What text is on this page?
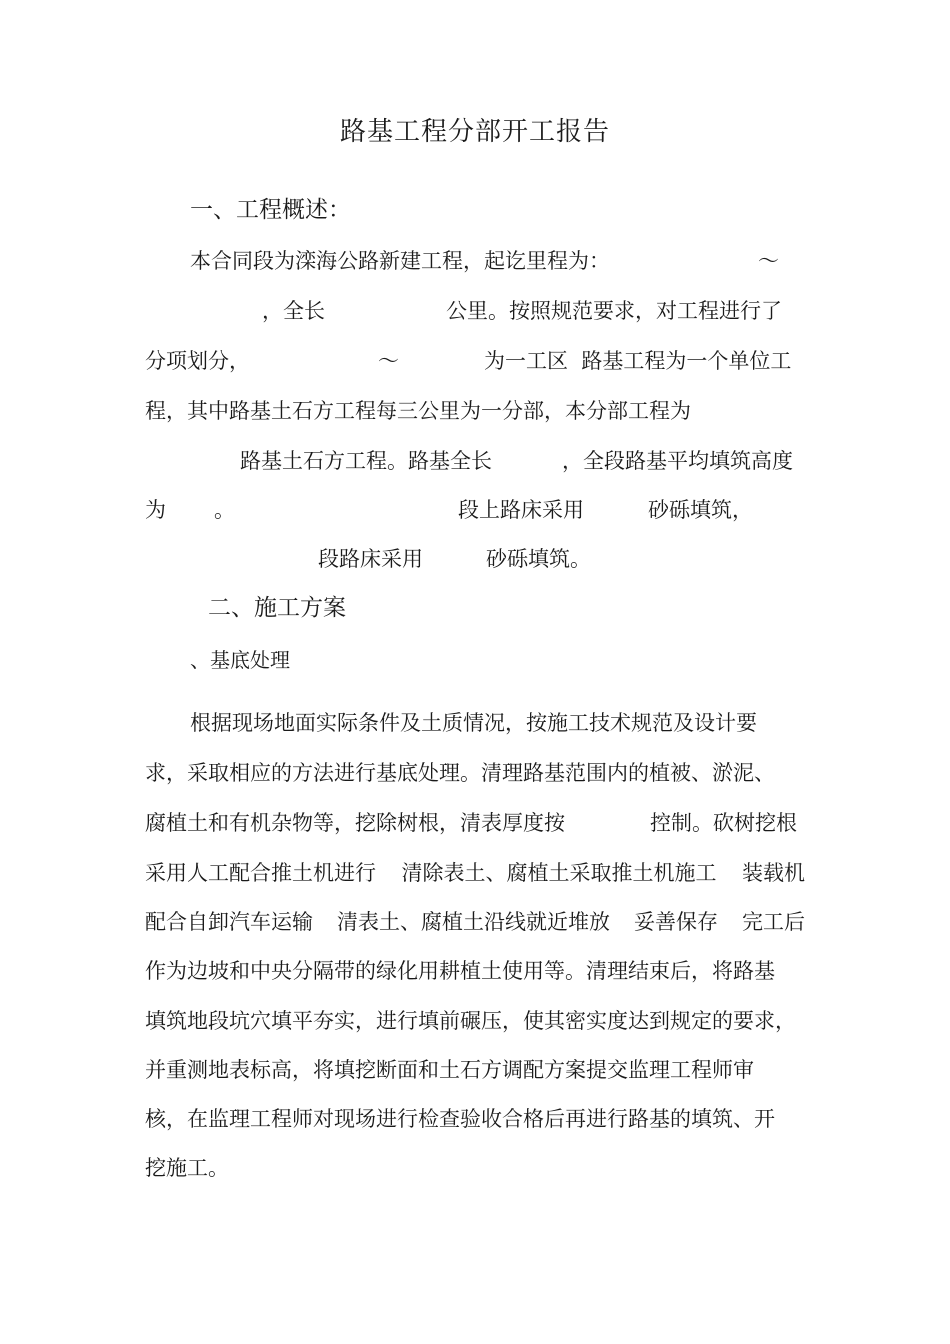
路基工程分部开工报告
一、工程概述：
本合同段为滦海公路新建工程，起讫里程为：	～
，全长	公里。按照规范要求，对工程进行了
分项划分，	～	为一工区  路基工程为一个单位工
程，其中路基土石方工程每三公里为一分部，本分部工程为
路基土石方工程。路基全长	，全段路基平均填筑高度
为 。	段上路床采用	砂砾填筑，
段路床采用	砂砾填筑。
二、施工方案
、基底处理
根据现场地面实际条件及土质情况，按施工技术规范及设计要
求，采取相应的方法进行基底处理。清理路基范围内的植被、淤泥、
腐植土和有机杂物等，挖除树根，清表厚度按	控制。砍树挖根
采用人工配合推土机进行 清除表土、腐植土采取推土机施工 装载机
配合自卸汽车运输 清表土、腐植土沿线就近堆放 妥善保存 完工后
作为边坡和中央分隔带的绿化用耕植土使用等。清理结束后，将路基
填筑地段坑穴填平夯实，进行填前碾压，使其密实度达到规定的要求，
并重测地表标高，将填挖断面和土石方调配方案提交监理工程师审
核，在监理工程师对现场进行检查验收合格后再进行路基的填筑、开
挖施工。
